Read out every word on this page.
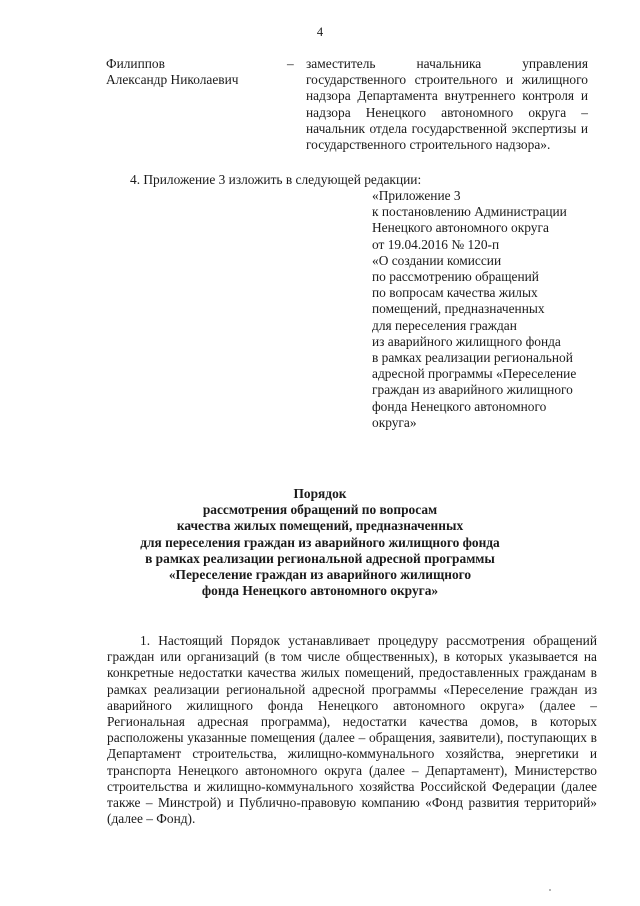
4
Филиппов
Александр Николаевич
– заместитель начальника управления государственного строительного и жилищного надзора Департамента внутреннего контроля и надзора Ненецкого автономного округа – начальник отдела государственной экспертизы и государственного строительного надзора».
4. Приложение 3 изложить в следующей редакции:
«Приложение 3
к постановлению Администрации
Ненецкого автономного округа
от 19.04.2016 № 120-п
«О создании комиссии
по рассмотрению обращений
по вопросам качества жилых
помещений, предназначенных
для переселения граждан
из аварийного жилищного фонда
в рамках реализации региональной
адресной программы «Переселение
граждан из аварийного жилищного
фонда Ненецкого автономного
округа»
Порядок
рассмотрения обращений по вопросам
качества жилых помещений, предназначенных
для переселения граждан из аварийного жилищного фонда
в рамках реализации региональной адресной программы
«Переселение граждан из аварийного жилищного
фонда Ненецкого автономного округа»
1. Настоящий Порядок устанавливает процедуру рассмотрения обращений граждан или организаций (в том числе общественных), в которых указывается на конкретные недостатки качества жилых помещений, предоставленных гражданам в рамках реализации региональной адресной программы «Переселение граждан из аварийного жилищного фонда Ненецкого автономного округа» (далее – Региональная адресная программа), недостатки качества домов, в которых расположены указанные помещения (далее – обращения, заявители), поступающих в Департамент строительства, жилищно-коммунального хозяйства, энергетики и транспорта Ненецкого автономного округа (далее – Департамент), Министерство строительства и жилищно-коммунального хозяйства Российской Федерации (далее также – Минстрой) и Публично-правовую компанию «Фонд развития территорий» (далее – Фонд).
